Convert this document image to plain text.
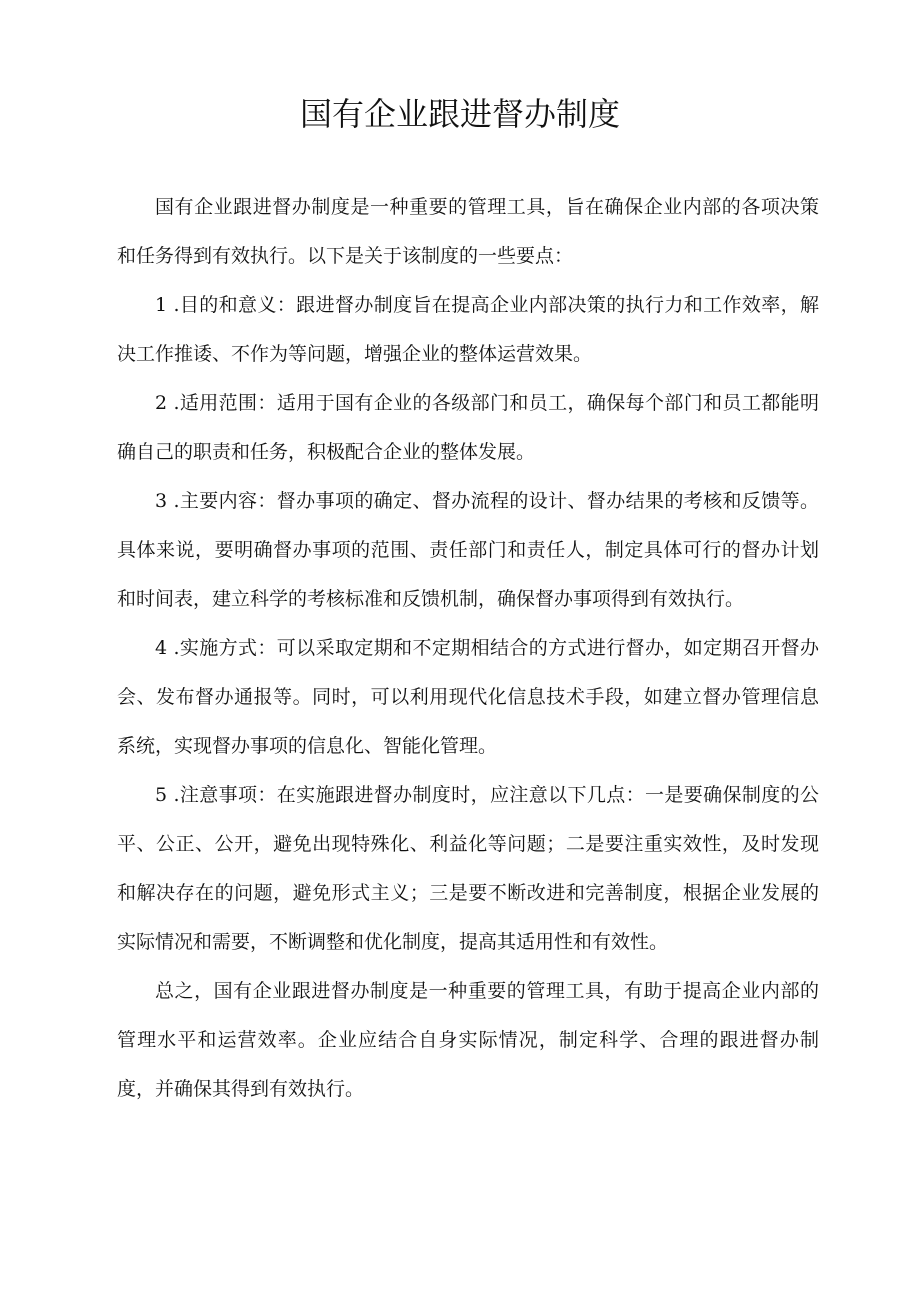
国有企业跟进督办制度

国有企业跟进督办制度是一种重要的管理工具，旨在确保企业内部的各项决策和任务得到有效执行。以下是关于该制度的一些要点：

1 .目的和意义：跟进督办制度旨在提高企业内部决策的执行力和工作效率，解决工作推诿、不作为等问题，增强企业的整体运营效果。

2 .适用范围：适用于国有企业的各级部门和员工，确保每个部门和员工都能明确自己的职责和任务，积极配合企业的整体发展。

3 .主要内容：督办事项的确定、督办流程的设计、督办结果的考核和反馈等。具体来说，要明确督办事项的范围、责任部门和责任人，制定具体可行的督办计划和时间表，建立科学的考核标准和反馈机制，确保督办事项得到有效执行。

4 .实施方式：可以采取定期和不定期相结合的方式进行督办，如定期召开督办会、发布督办通报等。同时，可以利用现代化信息技术手段，如建立督办管理信息系统，实现督办事项的信息化、智能化管理。

5 .注意事项：在实施跟进督办制度时，应注意以下几点：一是要确保制度的公平、公正、公开，避免出现特殊化、利益化等问题；二是要注重实效性，及时发现和解决存在的问题，避免形式主义；三是要不断改进和完善制度，根据企业发展的实际情况和需要，不断调整和优化制度，提高其适用性和有效性。

总之，国有企业跟进督办制度是一种重要的管理工具，有助于提高企业内部的管理水平和运营效率。企业应结合自身实际情况，制定科学、合理的跟进督办制度，并确保其得到有效执行。
